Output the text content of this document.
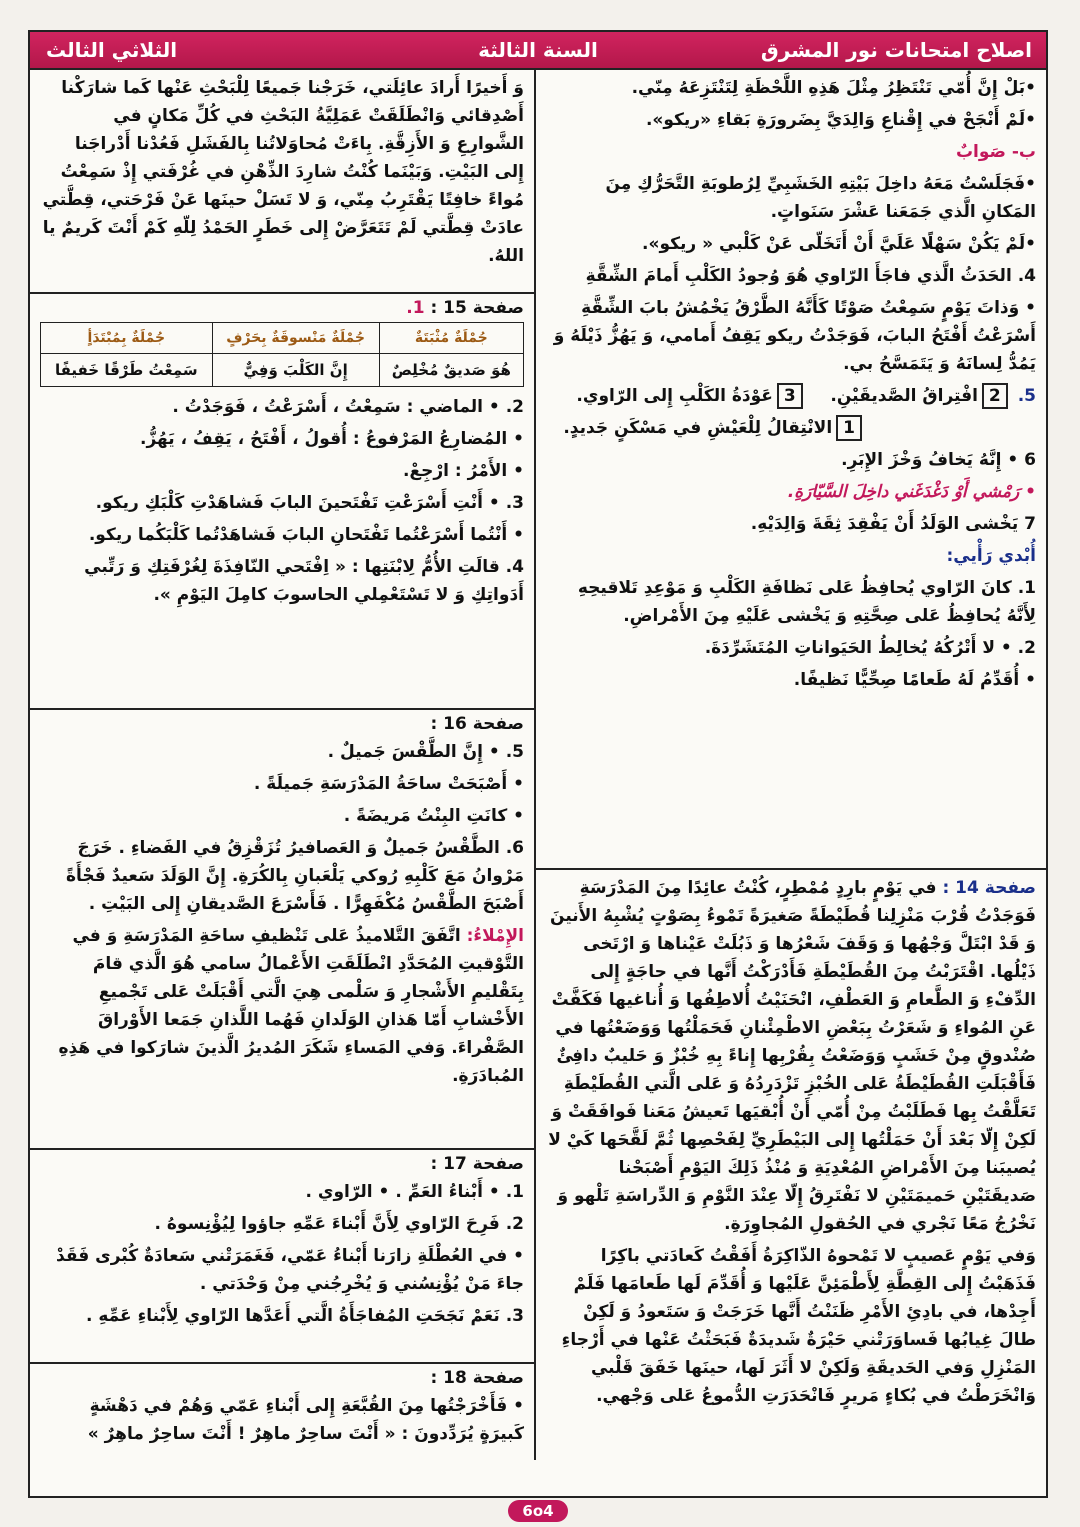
اصلاح امتحانات نور المشرق
السنة الثالثة
الثلاثي الثالث

•بَلْ إِنَّ أُمّي تَنْتَظِرُ مِثْلَ هَذِهِ اللَّحْظَةِ لِتَنْتَزِعَهُ مِنّي.

•لَمْ أَنْجَحْ في إِقْناعِ وَالِدَيَّ بِضَرورَةِ بَقاءِ «ريكو».

ب- صَوابٌ

•فَجَلَسْتُ مَعَهُ داخِلَ بَيْتِهِ الخَشَبِيِّ لِرُطوبَةِ التَّحَرُّكِ مِنَ المَكانِ الَّذي جَمَعَنا عَشْرَ سَنَواتٍ.

•لَمْ يَكُنْ سَهْلًا عَلَيَّ أَنْ أَتَخَلّى عَنْ كَلْبي « ريكو».

4. الحَدَثُ الَّذي فاجَأَ الرّاوي هُوَ وُجودُ الكَلْبِ أَمامَ الشِّقَّةِ

• وَذاتَ يَوْمٍ سَمِعْتُ صَوْتًا كَأَنَّهُ الطَّرْقُ يَخْمُشُ بابَ الشِّقَّةِ أَسْرَعْتُ أَفْتَحُ البابَ، فَوَجَدْتُ ريكو يَقِفُ أَمامي، وَ يَهُزُّ ذَيْلَهُ وَ يَمُدُّ لِسانَهُ وَ يَتَمَسَّحُ بي.

5. 2افْتِراقُ الصَّديقَيْنِ.    3عَوْدَةُ الكَلْبِ إِلى الرّاوي.

1الانْتِقالُ لِلْعَيْشِ في مَسْكَنٍ جَديدٍ.

6 • إِنَّهُ يَخافُ وَخْزَ الإِبَرِ.

• رَمْشي أَوْ دَغْدَغَني داخِلَ السَّيّارَةِ.

7 يَخْشى الوَلَدُ أَنْ يَفْقِدَ ثِقَةَ وَالِدَيْهِ.

أُبْدي رَأْيي:

1. كانَ الرّاوي يُحافِظُ عَلى نَظافَةِ الكَلْبِ وَ مَوْعِدِ تَلاقيحِهِ لِأَنَّهُ يُحافِظُ عَلى صِحَّتِهِ وَ يَخْشى عَلَيْهِ مِنَ الأَمْراضِ.

2. • لا أَتْرُكُهُ يُخالِطُ الحَيَواناتِ المُتَشَرِّدَةَ.

• أُقَدِّمُ لَهُ طَعامًا صِحِّيًّا نَظيفًا.

صفحة 14 : في يَوْمٍ بارِدٍ مُمْطِرٍ، كُنْتُ عائِدًا مِنَ المَدْرَسَةِ فَوَجَدْتُ قُرْبَ مَنْزِلِنا قُطَيْطَةً صَغيرَةً تَمْوءُ بِصَوْتٍ يُشْبِهُ الأَنينَ وَ قَدْ ابْتَلَّ وَجْهُها وَ وَقَفَ شَعْرُها وَ ذَبُلَتْ عَيْناها وَ ارْتَخى ذَيْلُها. اقْتَرَبْتُ مِنَ القُطَيْطَةِ فَأَدْرَكْتُ أَنَّها في حاجَةٍ إِلى الدِّفْءِ وَ الطَّعامِ وَ العَطْفِ، انْحَنَيْتُ أُلاطِفُها وَ أُناغيها فَكَفَّتْ عَنِ المُواءِ وَ شَعَرْتُ بِبَعْضِ الاطْمِئْنانِ فَحَمَلْتُها وَوَضَعْتُها في صُنْدوقٍ مِنْ خَشَبٍ وَوَضَعْتُ بِقُرْبِها إِناءً بِهِ خُبْزٌ وَ حَليبٌ دافِئٌ فَأَقْبَلَتِ القُطَيْطَةُ عَلى الخُبْزِ تَزْدَرِدُهُ وَ عَلى الَّتي القُطَيْطَةِ تَعَلَّقْتُ بِها فَطَلَبْتُ مِنْ أُمّي أَنْ أُبْقيَها تَعيشُ مَعَنا فَوافَقَتْ وَ لَكِنْ إِلّا بَعْدَ أَنْ حَمَلْتُها إِلى البَيْطَرِيِّ لِفَحْصِها ثُمَّ لَقَّحَها كَيْ لا يُصيبَنا مِنَ الأَمْراضِ المُعْدِيَةِ وَ مُنْذُ ذَلِكَ اليَوْمِ أَصْبَحْنا صَديقَتَيْنِ حَميمَتَيْنِ لا نَفْتَرِقُ إِلّا عِنْدَ النَّوْمِ وَ الدِّراسَةِ تَلْهو وَ نَخْرُجُ مَعًا نَجْري في الحُقولِ المُجاوِرَةِ.

وَفي يَوْمٍ عَصيبٍ لا تَمْحوهُ الذّاكِرَةُ أَفَقْتُ كَعادَتي باكِرًا فَذَهَبْتُ إِلى القِطَّةِ لِأَطْمَئِنَّ عَلَيْها وَ أُقَدِّمَ لَها طَعامَها فَلَمْ أَجِدْها، في بادِئِ الأَمْرِ ظَنَنْتُ أَنَّها خَرَجَتْ وَ سَتَعودُ وَ لَكِنْ طالَ غِيابُها فَساوَرَتْني حَيْرَةٌ شَديدَةٌ فَبَحَثْتُ عَنْها في أَرْجاءِ المَنْزِلِ وَفي الحَديقَةِ وَلَكِنْ لا أَثَرَ لَها، حينَها خَفَقَ قَلْبي وَانْخَرَطْتُ في بُكاءٍ مَريرٍ فَانْحَدَرَتِ الدُّموعُ عَلى وَجْهي.

وَ أَخيرًا أَرادَ عائِلَتي، خَرَجْنا جَميعًا لِلْبَحْثِ عَنْها كَما شارَكْنا أَصْدِقائي وَانْطَلَقَتْ عَمَلِيَّةُ البَحْثِ في كُلِّ مَكانٍ في الشَّوارِعِ وَ الأَزِقَّةِ. بِاءَتْ مُحاوَلاتُنا بِالفَشَلِ فَعُدْنا أَدْراجَنا إِلى البَيْتِ. وَبَيْنَما كُنْتُ شارِدَ الذِّهْنِ في غُرْفَتي إِذْ سَمِعْتُ مُواءً خافِتًا يَقْتَرِبُ مِنّي، وَ لا تَسَلْ حينَها عَنْ فَرْحَتي، قِطَّتي عادَتْ قِطَّتي لَمْ تَتَعَرَّضْ إِلى خَطَرٍ الحَمْدُ لِلّهِ كَمْ أَنْتَ كَريمٌ يا اللهُ.

صفحة 15 : 1.
جُمْلَةٌ مُثْبَتَةٌ	جُمْلَةٌ مَنْسوقَةٌ بِحَرْفٍ	جُمْلَةٌ بِمُبْتَدَأٍ
هُوَ صَديقٌ مُخْلِصٌ	إِنَّ الكَلْبَ وَفِيٌّ	سَمِعْتُ طَرْقًا خَفيفًا

2. • الماضي : سَمِعْتُ ، أَسْرَعْتُ ، فَوَجَدْتُ .

• المُضارِعُ المَرْفوعُ : أُقولُ ، أَفْتَحُ ، يَقِفُ ، يَهُزُّ.

• الأَمْرُ : ارْجِعْ.

3. • أَنْتِ أَسْرَعْتِ تَفْتَحينَ البابَ فَشاهَدْتِ كَلْبَكِ ريكو.

• أَنْتُما أَسْرَعْتُما تَفْتَحانِ البابَ فَشاهَدْتُما كَلْبَكُما ريكو.

4. قالَتِ الأُمُّ لِابْنَتِها : « اِفْتَحي النّافِذَةَ لِغُرْفَتِكِ وَ رَتِّبي أَدَواتِكِ وَ لا تَسْتَعْمِلي الحاسوبَ كامِلَ اليَوْمِ ».

صفحة 16 :

5. • إِنَّ الطَّقْسَ جَميلٌ .

• أَصْبَحَتْ ساحَةُ المَدْرَسَةِ جَميلَةً .

• كانَتِ البِنْتُ مَريضَةً .

6. الطَّقْسُ جَميلٌ وَ العَصافيرُ تُزَقْزِقُ في الفَضاءِ . خَرَجَ مَرْوانُ مَعَ كَلْبِهِ رُوكي يَلْعَبانِ بِالكُرَةِ. إِنَّ الوَلَدَ سَعيدٌ فَجْأَةً أَصْبَحَ الطَّقْسُ مُكْفَهِرًّا . فَأَسْرَعَ الصَّديقانِ إِلى البَيْتِ .

الإِمْلاءُ: اتَّفَقَ التَّلاميذُ عَلى تَنْظيفِ ساحَةِ المَدْرَسَةِ وَ في التَّوْقيتِ المُحَدَّدِ انْطَلَقَتِ الأَعْمالُ سامي هُوَ الَّذي قامَ بِتَقْليمِ الأَشْجارِ وَ سَلْمى هِيَ الَّتي أَقْبَلَتْ عَلى تَجْميعِ الأَخْشابِ أَمّا هَذانِ الوَلَدانِ فَهُما اللَّذانِ جَمَعا الأَوْراقَ الصَّفْراءَ. وَفي المَساءِ شَكَرَ المُديرُ الَّذينَ شارَكوا في هَذِهِ المُبادَرَةِ.

صفحة 17 :

1. • أَبْناءُ العَمِّ . • الرّاوي .

2. فَرِحَ الرّاوي لِأَنَّ أَبْناءَ عَمِّهِ جاؤوا لِيُؤْنِسوهُ .

• في العُطْلَةِ زارَنا أَبْناءُ عَمّي، فَغَمَرَتْني سَعادَةٌ كُبْرى فَقَدْ جاءَ مَنْ يُؤْنِسُني وَ يُخْرِجُني مِنْ وَحْدَتي .

3. نَعَمْ نَجَحَتِ المُفاجَأَةُ الَّتي أَعَدَّها الرّاوي لِأَبْناءِ عَمِّهِ .

صفحة 18 :

• فَأَخْرَجْتُها مِنَ القُبَّعَةِ إِلى أَبْناءِ عَمّي وَهُمْ في دَهْشَةٍ كَبيرَةٍ يُرَدِّدونَ : « أَنْتَ ساحِرٌ ماهِرٌ ! أَنْتَ ساحِرٌ ماهِرٌ »

6o4
